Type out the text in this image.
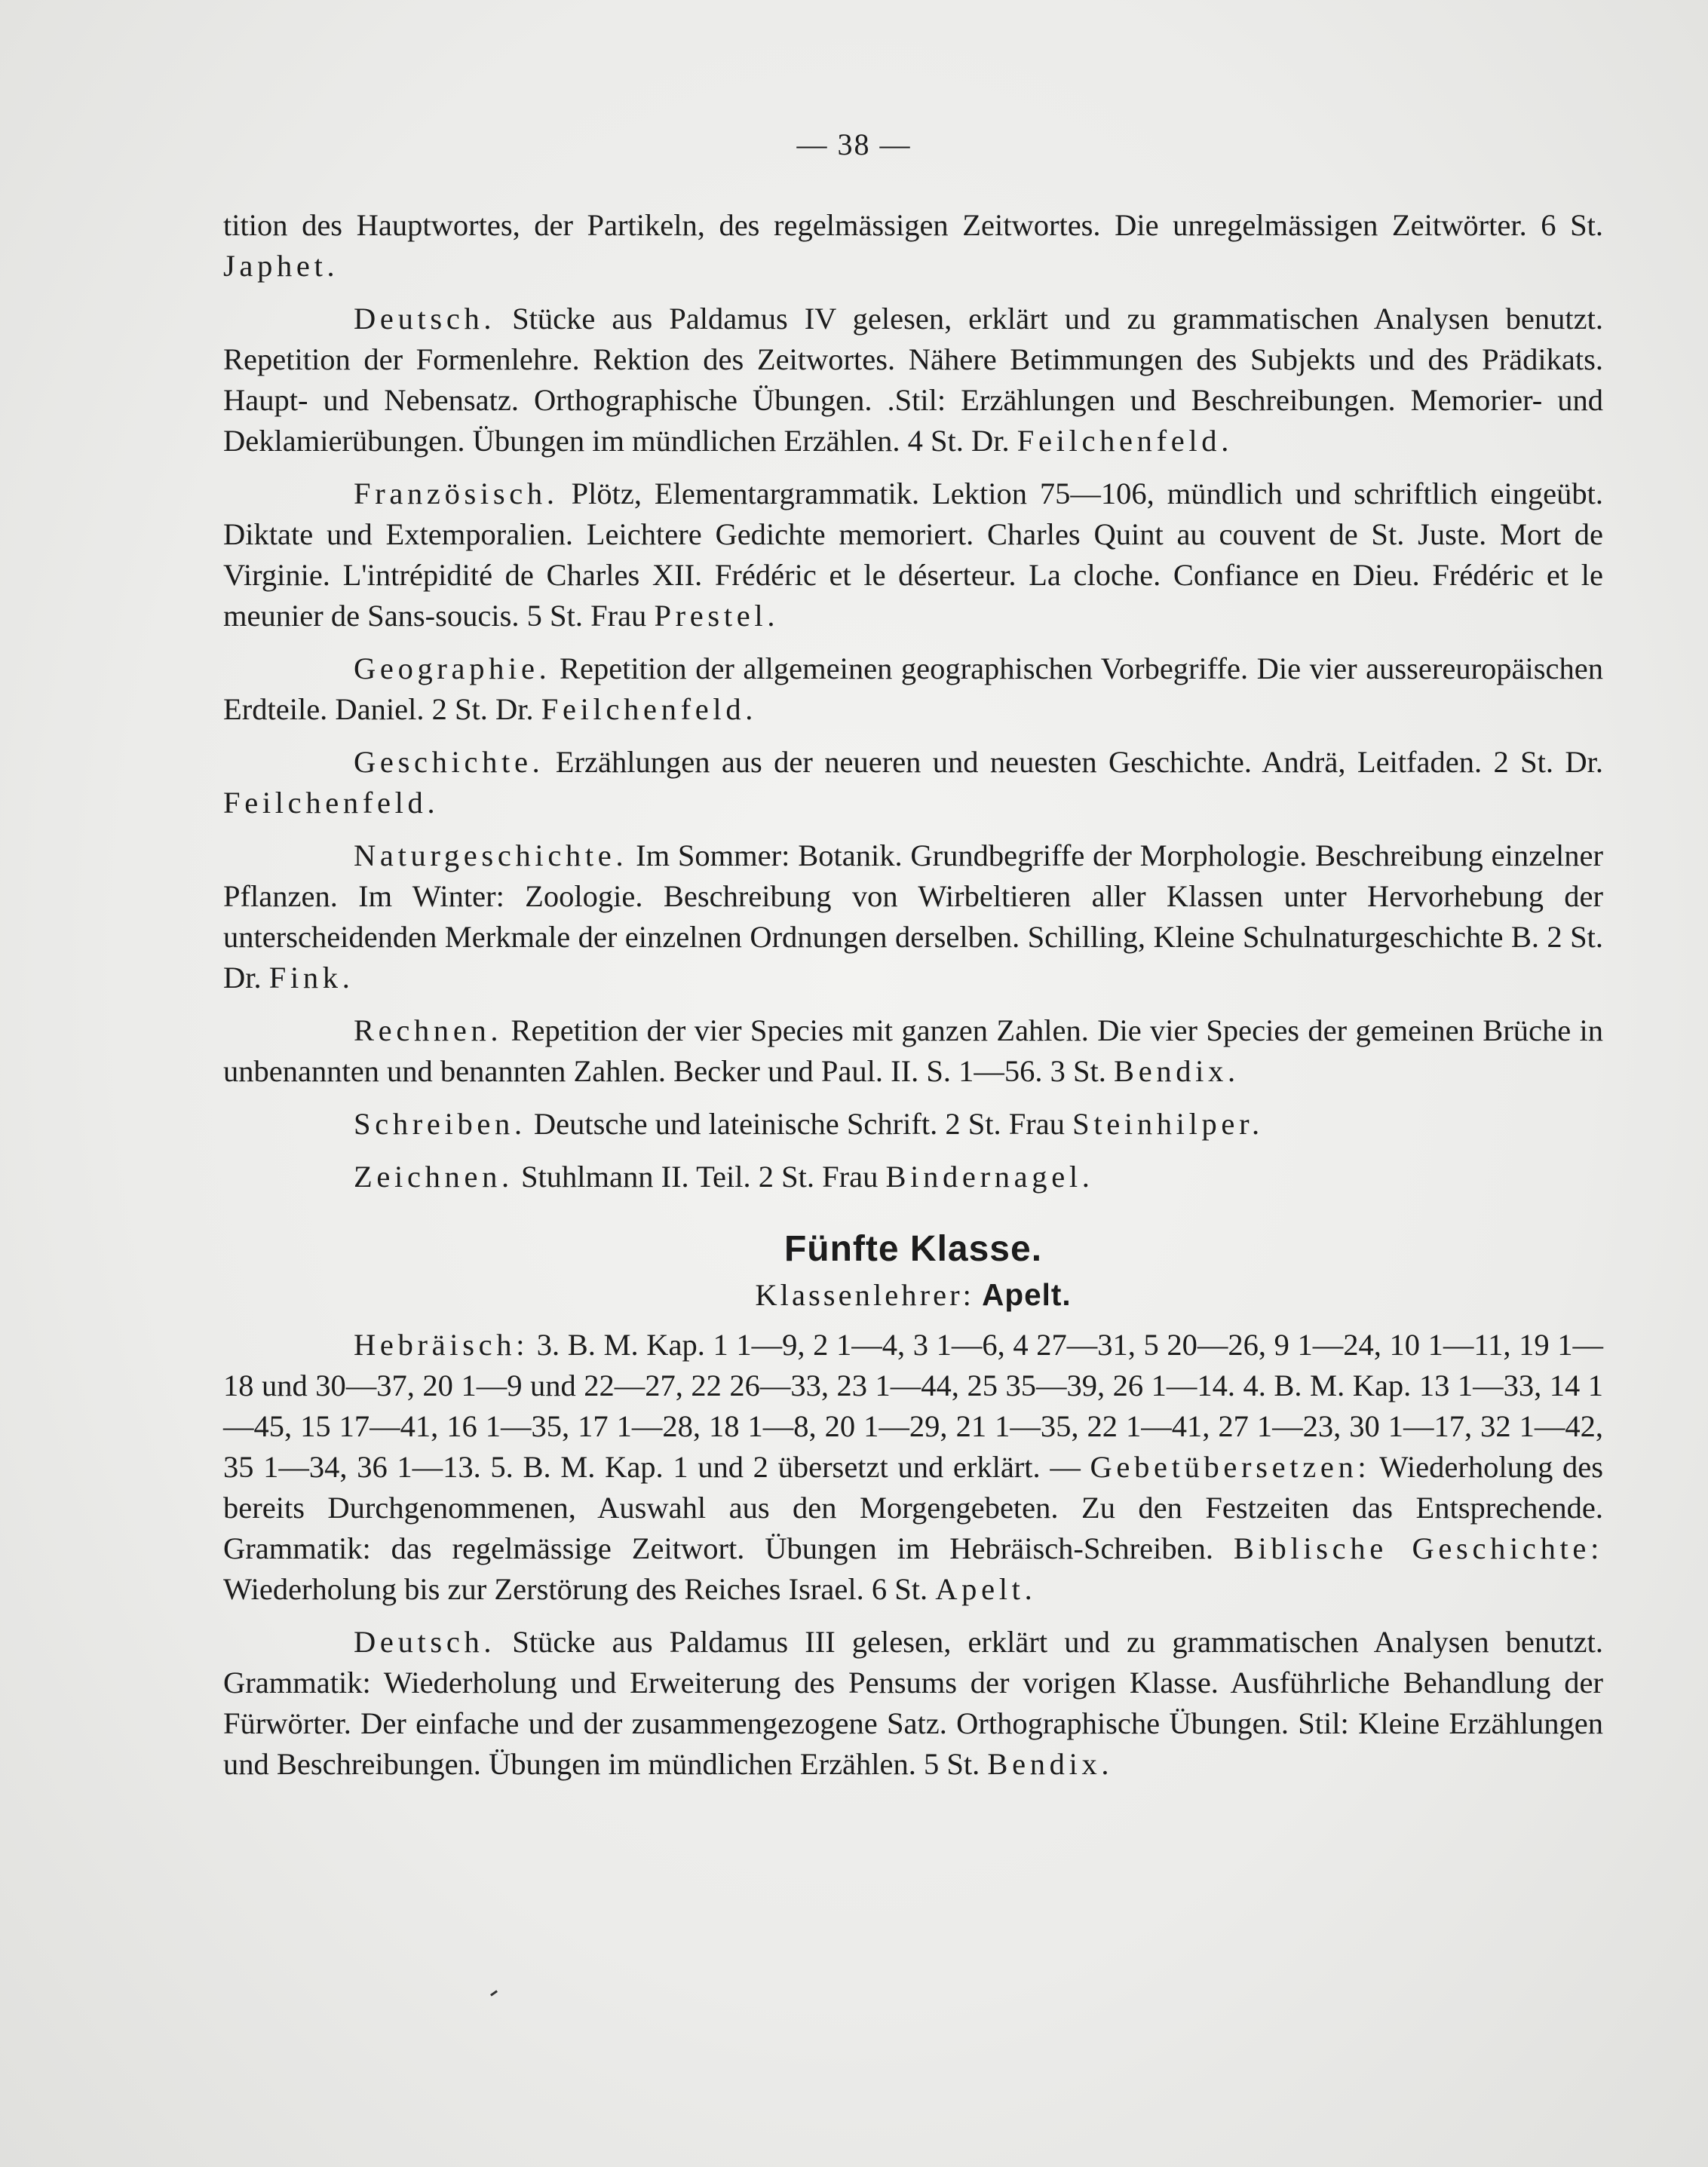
— 38 —

tition des Hauptwortes, der Partikeln, des regelmässigen Zeitwortes. Die unregelmässigen Zeitwörter. 6 St. Japhet.

Deutsch. Stücke aus Paldamus IV gelesen, erklärt und zu grammatischen Analysen benutzt. Repetition der Formenlehre. Rektion des Zeitwortes. Nähere Betimmungen des Subjekts und des Prädikats. Haupt- und Nebensatz. Orthographische Übungen. .Stil: Erzählungen und Beschreibungen. Memorier- und Deklamierübungen. Übungen im mündlichen Erzählen. 4 St. Dr. Feilchenfeld.

Französisch. Plötz, Elementargrammatik. Lektion 75—106, mündlich und schriftlich eingeübt. Diktate und Extemporalien. Leichtere Gedichte memoriert. Charles Quint au couvent de St. Juste. Mort de Virginie. L'intrépidité de Charles XII. Frédéric et le déserteur. La cloche. Confiance en Dieu. Frédéric et le meunier de Sans-soucis. 5 St. Frau Prestel.

Geographie. Repetition der allgemeinen geographischen Vorbegriffe. Die vier aussereuropäischen Erdteile. Daniel. 2 St. Dr. Feilchenfeld.

Geschichte. Erzählungen aus der neueren und neuesten Geschichte. Andrä, Leitfaden. 2 St. Dr. Feilchenfeld.

Naturgeschichte. Im Sommer: Botanik. Grundbegriffe der Morphologie. Beschreibung einzelner Pflanzen. Im Winter: Zoologie. Beschreibung von Wirbeltieren aller Klassen unter Hervorhebung der unterscheidenden Merkmale der einzelnen Ordnungen derselben. Schilling, Kleine Schulnaturgeschichte B. 2 St. Dr. Fink.

Rechnen. Repetition der vier Species mit ganzen Zahlen. Die vier Species der gemeinen Brüche in unbenannten und benannten Zahlen. Becker und Paul. II. S. 1—56. 3 St. Bendix.

Schreiben. Deutsche und lateinische Schrift. 2 St. Frau Steinhilper.

Zeichnen. Stuhlmann II. Teil. 2 St. Frau Bindernagel.

Fünfte Klasse.
Klassenlehrer: Apelt.

Hebräisch: 3. B. M. Kap. 1 1—9, 2 1—4, 3 1—6, 4 27—31, 5 20—26, 9 1—24, 10 1—11, 19 1—18 und 30—37, 20 1—9 und 22—27, 22 26—33, 23 1—44, 25 35—39, 26 1—14. 4. B. M. Kap. 13 1—33, 14 1—45, 15 17—41, 16 1—35, 17 1—28, 18 1—8, 20 1—29, 21 1—35, 22 1—41, 27 1—23, 30 1—17, 32 1—42, 35 1—34, 36 1—13. 5. B. M. Kap. 1 und 2 übersetzt und erklärt. — Gebetübersetzen: Wiederholung des bereits Durchgenommenen, Auswahl aus den Morgengebeten. Zu den Festzeiten das Entsprechende. Grammatik: das regelmässige Zeitwort. Übungen im Hebräisch-Schreiben. Biblische Geschichte: Wiederholung bis zur Zerstörung des Reiches Israel. 6 St. Apelt.

Deutsch. Stücke aus Paldamus III gelesen, erklärt und zu grammatischen Analysen benutzt. Grammatik: Wiederholung und Erweiterung des Pensums der vorigen Klasse. Ausführliche Behandlung der Fürwörter. Der einfache und der zusammengezogene Satz. Orthographische Übungen. Stil: Kleine Erzählungen und Beschreibungen. Übungen im mündlichen Erzählen. 5 St. Bendix.
